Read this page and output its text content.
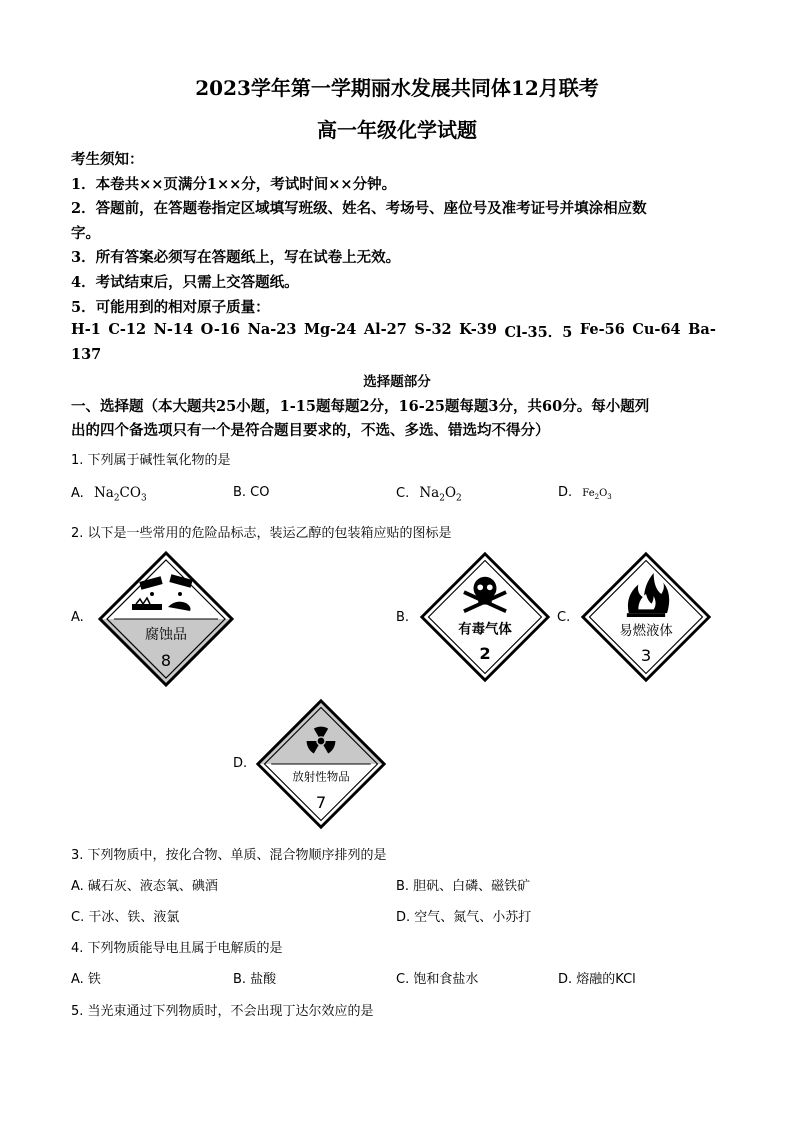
2023学年第一学期丽水发展共同体12月联考
高一年级化学试题
考生须知：
1．本卷共××页满分1××分，考试时间××分钟。
2．答题前，在答题卷指定区域填写班级、姓名、考场号、座位号及准考证号并填涂相应数
字。
3．所有答案必须写在答题纸上，写在试卷上无效。
4．考试结束后，只需上交答题纸。
5．可能用到的相对原子质量：
H-1 C-12 N-14 O-16 Na-23 Mg-24 Al-27 S-32 K-39 Cl-35．5 Fe-56 Cu-64 Ba-
137
选择题部分
一、选择题（本大题共25小题，1-15题每题2分，16-25题每题3分，共60分。每小题列
出的四个备选项只有一个是符合题目要求的，不选、多选、错选均不得分）
1. 下列属于碱性氧化物的是
A. $Na_2CO_3$	B. CO	C. $Na_2O_2$	D. $Fe_2O_3$
2. 以下是一些常用的危险品标志，装运乙醇的包装箱应贴的图标是
A.	B.	C.
D.
腐蚀品
8
有毒气体
2
易燃液体
3
放射性物品
7
3. 下列物质中，按化合物、单质、混合物顺序排列的是
A. 碱石灰、液态氧、碘酒	B. 胆矾、白磷、磁铁矿
C. 干冰、铁、液氯	D. 空气、氮气、小苏打
4. 下列物质能导电且属于电解质的是
A. 铁	B. 盐酸	C. 饱和食盐水	D. 熔融的KCl
5. 当光束通过下列物质时，不会出现丁达尔效应的是
